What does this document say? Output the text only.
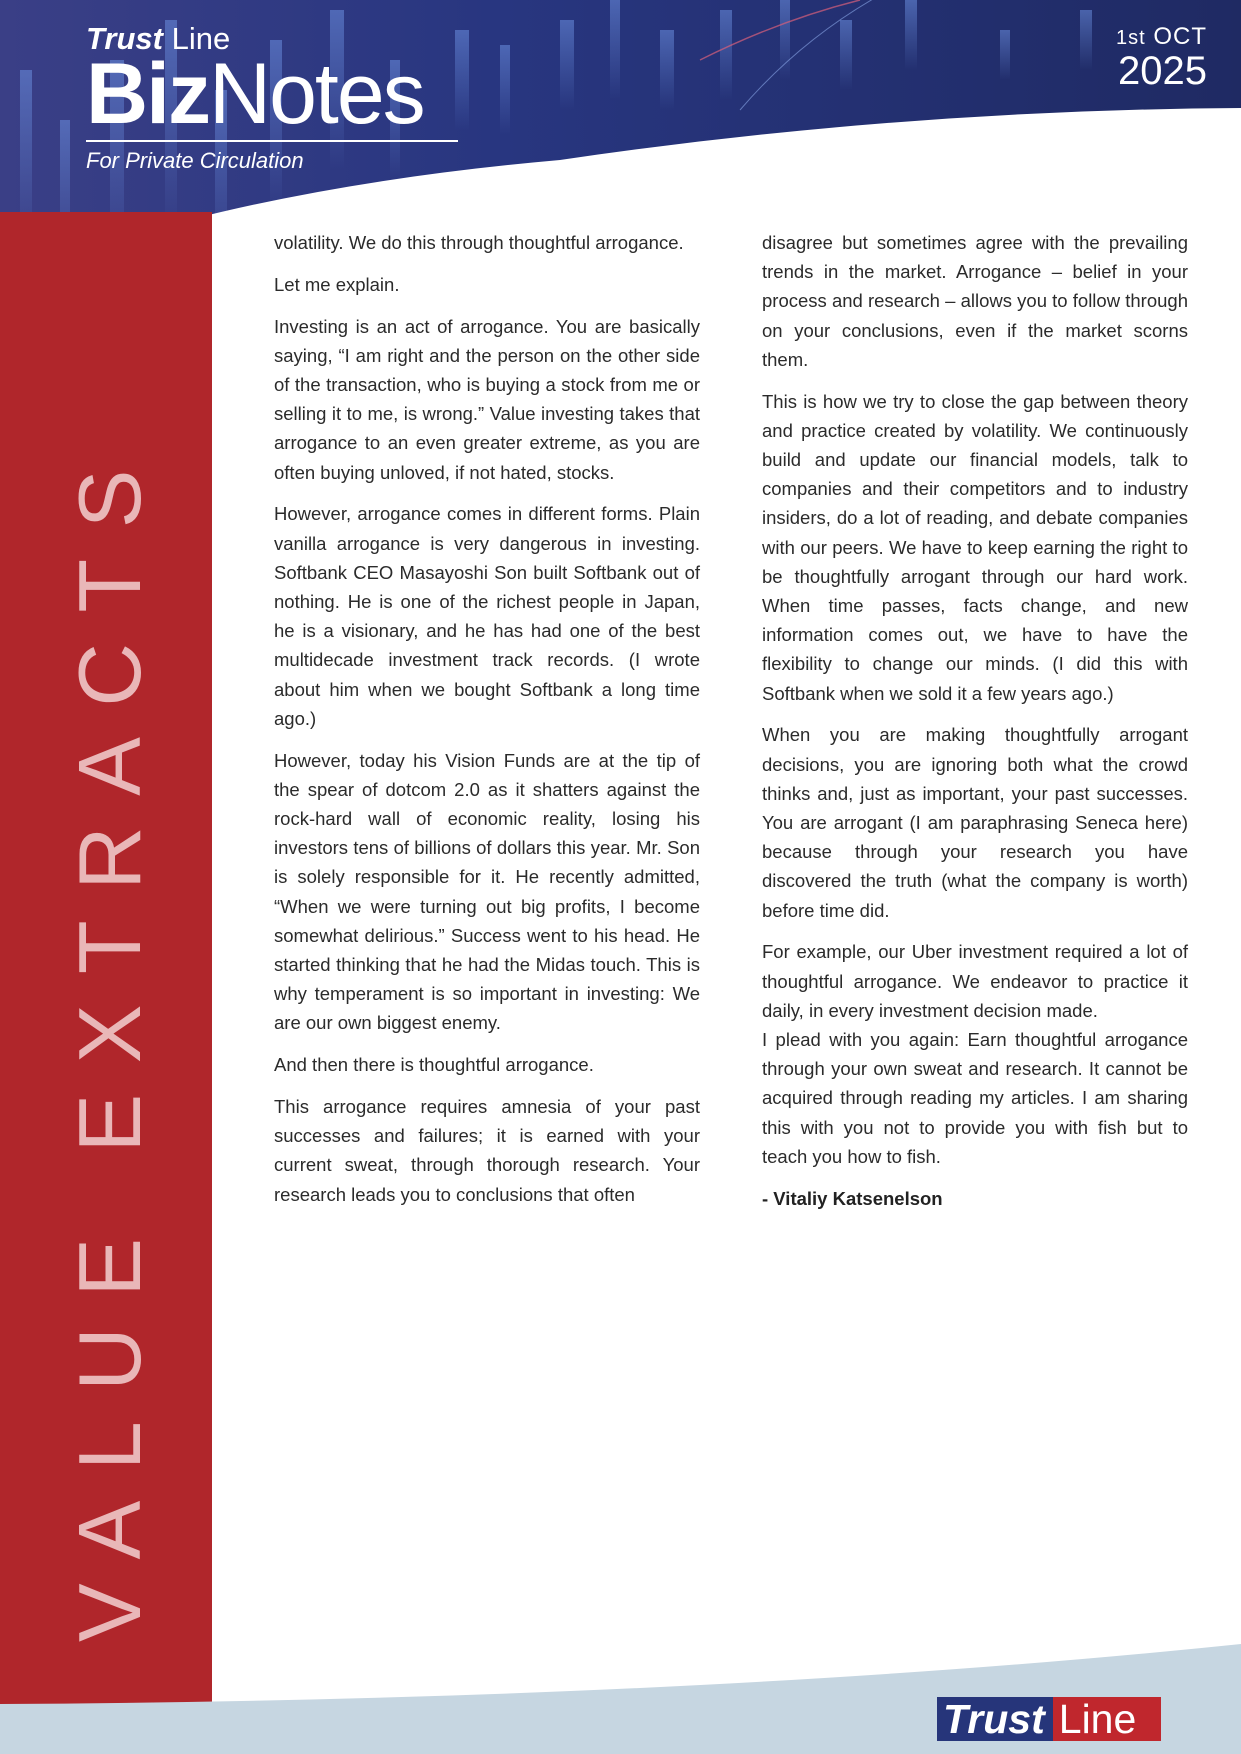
VALUE EXTRACTS
Trust Line
BizNotes
For Private Circulation
1st OCT
2025

volatility. We do this through thoughtful arrogance.

Let me explain.

Investing is an act of arrogance. You are basically saying, “I am right and the person on the other side of the transaction, who is buying a stock from me or selling it to me, is wrong.” Value investing takes that arrogance to an even greater extreme, as you are often buying unloved, if not hated, stocks.

However, arrogance comes in different forms. Plain vanilla arrogance is very dangerous in investing. Softbank CEO Masayoshi Son built Softbank out of nothing. He is one of the richest people in Japan, he is a visionary, and he has had one of the best multidecade investment track records. (I wrote about him when we bought Softbank a long time ago.)

However, today his Vision Funds are at the tip of the spear of dotcom 2.0 as it shatters against the rock-hard wall of economic reality, losing his investors tens of billions of dollars this year. Mr. Son is solely responsible for it. He recently admitted, “When we were turning out big profits, I become somewhat delirious.” Success went to his head. He started thinking that he had the Midas touch. This is why temperament is so important in investing: We are our own biggest enemy.

And then there is thoughtful arrogance.

This arrogance requires amnesia of your past successes and failures; it is earned with your current sweat, through thorough research. Your research leads you to conclusions that often

disagree but sometimes agree with the prevailing trends in the market. Arrogance – belief in your process and research – allows you to follow through on your conclusions, even if the market scorns them.

This is how we try to close the gap between theory and practice created by volatility. We continuously build and update our financial models, talk to companies and their competitors and to industry insiders, do a lot of reading, and debate companies with our peers. We have to keep earning the right to be thoughtfully arrogant through our hard work. When time passes, facts change, and new information comes out, we have to have the flexibility to change our minds. (I did this with Softbank when we sold it a few years ago.)

When you are making thoughtfully arrogant decisions, you are ignoring both what the crowd thinks and, just as important, your past successes. You are arrogant (I am paraphrasing Seneca here) because through your research you have discovered the truth (what the company is worth) before time did.

For example, our Uber investment required a lot of thoughtful arrogance. We endeavor to practice it daily, in every investment decision made.

I plead with you again: Earn thoughtful arrogance through your own sweat and research. It cannot be acquired through reading my articles. I am sharing this with you not to provide you with fish but to teach you how to fish.

- Vitaliy Katsenelson

Trust Line
